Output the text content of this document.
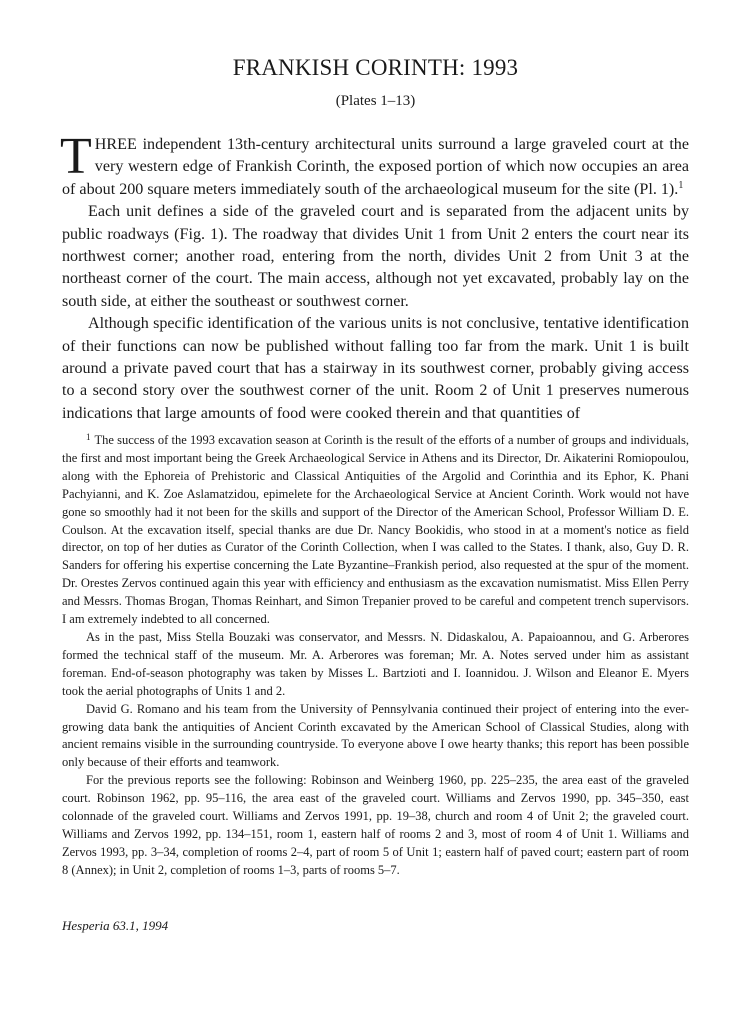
FRANKISH CORINTH: 1993
(Plates 1–13)

THREE independent 13th-century architectural units surround a large graveled court at the very western edge of Frankish Corinth, the exposed portion of which now occupies an area of about 200 square meters immediately south of the archaeological museum for the site (Pl. 1).$^1$

Each unit defines a side of the graveled court and is separated from the adjacent units by public roadways (Fig. 1). The roadway that divides Unit 1 from Unit 2 enters the court near its northwest corner; another road, entering from the north, divides Unit 2 from Unit 3 at the northeast corner of the court. The main access, although not yet excavated, probably lay on the south side, at either the southeast or southwest corner.

Although specific identification of the various units is not conclusive, tentative identification of their functions can now be published without falling too far from the mark. Unit 1 is built around a private paved court that has a stairway in its southwest corner, probably giving access to a second story over the southwest corner of the unit. Room 2 of Unit 1 preserves numerous indications that large amounts of food were cooked therein and that quantities of

$^1$ The success of the 1993 excavation season at Corinth is the result of the efforts of a number of groups and individuals, the first and most important being the Greek Archaeological Service in Athens and its Director, Dr. Aikaterini Romiopoulou, along with the Ephoreia of Prehistoric and Classical Antiquities of the Argolid and Corinthia and its Ephor, K. Phani Pachyianni, and K. Zoe Aslamatzidou, epimelete for the Archaeological Service at Ancient Corinth. Work would not have gone so smoothly had it not been for the skills and support of the Director of the American School, Professor William D. E. Coulson. At the excavation itself, special thanks are due Dr. Nancy Bookidis, who stood in at a moment's notice as field director, on top of her duties as Curator of the Corinth Collection, when I was called to the States. I thank, also, Guy D. R. Sanders for offering his expertise concerning the Late Byzantine–Frankish period, also requested at the spur of the moment. Dr. Orestes Zervos continued again this year with efficiency and enthusiasm as the excavation numismatist. Miss Ellen Perry and Messrs. Thomas Brogan, Thomas Reinhart, and Simon Trepanier proved to be careful and competent trench supervisors. I am extremely indebted to all concerned.

As in the past, Miss Stella Bouzaki was conservator, and Messrs. N. Didaskalou, A. Papaioannou, and G. Arberores formed the technical staff of the museum. Mr. A. Arberores was foreman; Mr. A. Notes served under him as assistant foreman. End-of-season photography was taken by Misses L. Bartzioti and I. Ioannidou. J. Wilson and Eleanor E. Myers took the aerial photographs of Units 1 and 2.

David G. Romano and his team from the University of Pennsylvania continued their project of entering into the ever-growing data bank the antiquities of Ancient Corinth excavated by the American School of Classical Studies, along with ancient remains visible in the surrounding countryside. To everyone above I owe hearty thanks; this report has been possible only because of their efforts and teamwork.

For the previous reports see the following: Robinson and Weinberg 1960, pp. 225–235, the area east of the graveled court. Robinson 1962, pp. 95–116, the area east of the graveled court. Williams and Zervos 1990, pp. 345–350, east colonnade of the graveled court. Williams and Zervos 1991, pp. 19–38, church and room 4 of Unit 2; the graveled court. Williams and Zervos 1992, pp. 134–151, room 1, eastern half of rooms 2 and 3, most of room 4 of Unit 1. Williams and Zervos 1993, pp. 3–34, completion of rooms 2–4, part of room 5 of Unit 1; eastern half of paved court; eastern part of room 8 (Annex); in Unit 2, completion of rooms 1–3, parts of rooms 5–7.

Hesperia 63.1, 1994
